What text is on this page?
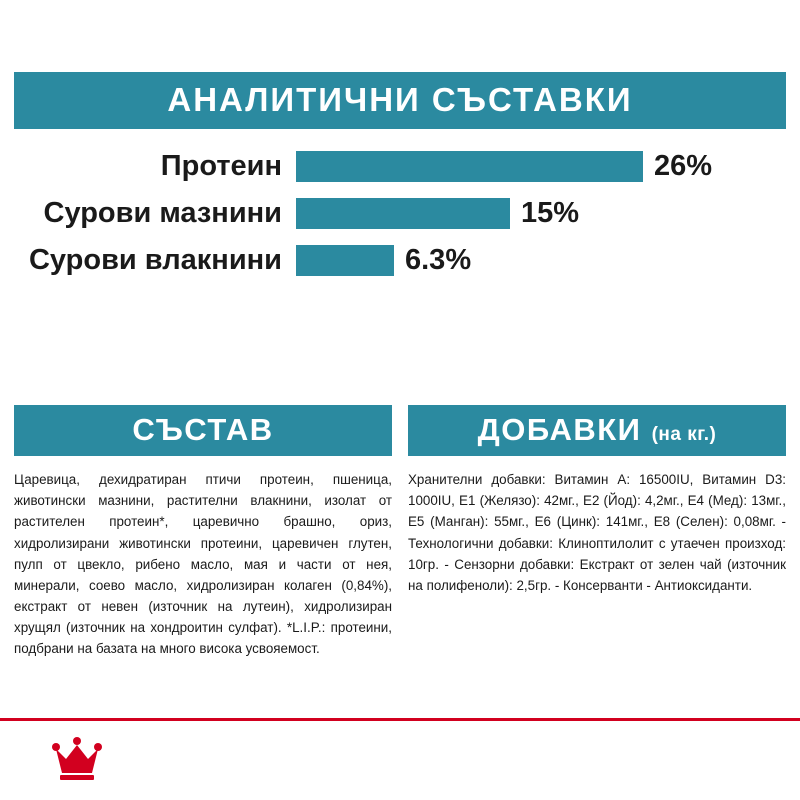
АНАЛИТИЧНИ СЪСТАВКИ
Протеин	26%
Сурови мазнини	15%
Сурови влакнини	6.3%
СЪСТАВ
Царевица, дехидратиран птичи протеин, пшеница, животински мазнини, растителни влакнини, изолат от растителен протеин*, царевично брашно, ориз, хидролизирани животински протеини, царевичен глутен, пулп от цвекло, рибено масло, мая и части от нея, минерали, соево масло, хидролизиран колаген (0,84%), екстракт от невен (източник на лутеин), хидролизиран хрущял (източник на хондроитин сулфат). *L.I.P.: протеини, подбрани на базата на много висока усвояемост.
ДОБАВКИ (на кг.)
Хранителни добавки: Витамин А: 16500IU, Витамин D3: 1000IU, E1 (Желязо): 42мг., E2 (Йод): 4,2мг., E4 (Мед): 13мг., E5 (Манган): 55мг., E6 (Цинк): 141мг., E8 (Селен): 0,08мг. - Технологични добавки: Клиноптилолит с утаечен произход: 10гр. - Сензорни добавки: Екстракт от зелен чай (източник на полифеноли): 2,5гр. - Консерванти - Антиоксиданти.
